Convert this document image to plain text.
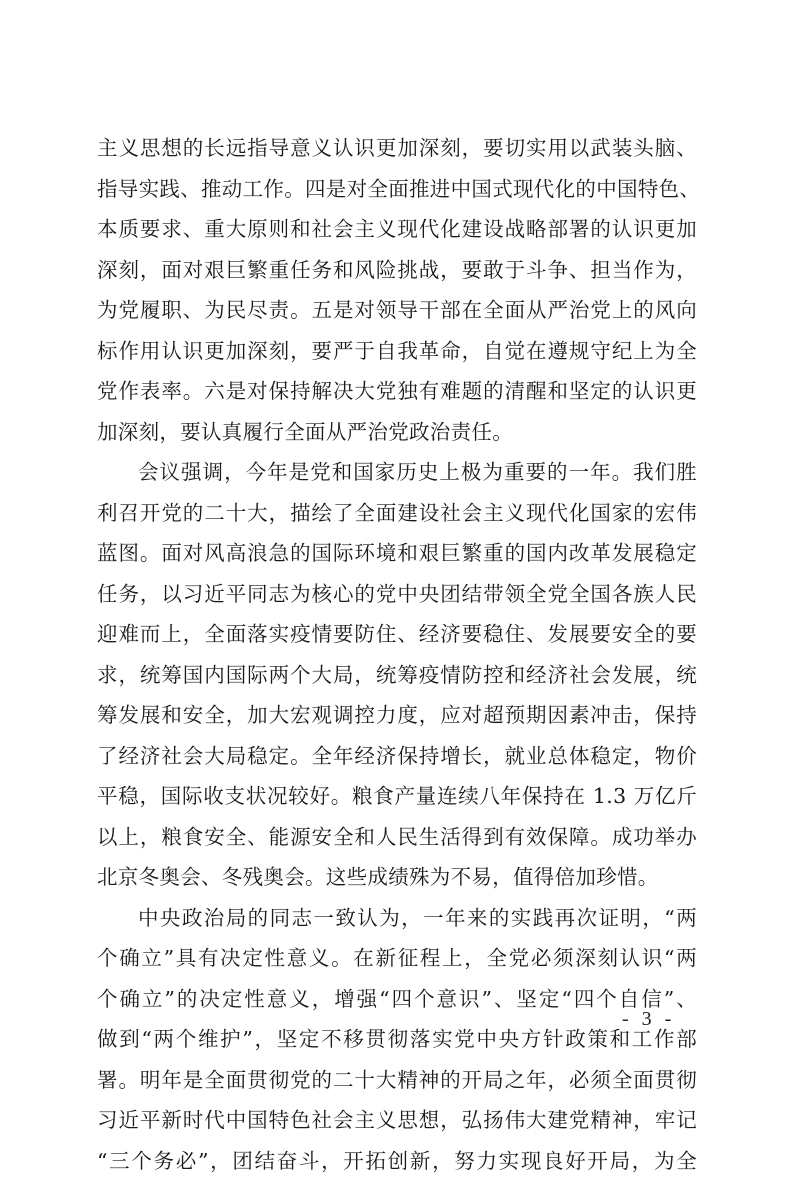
主义思想的长远指导意义认识更加深刻，要切实用以武装头脑、
指导实践、推动工作。四是对全面推进中国式现代化的中国特色、
本质要求、重大原则和社会主义现代化建设战略部署的认识更加
深刻，面对艰巨繁重任务和风险挑战，要敢于斗争、担当作为，
为党履职、为民尽责。五是对领导干部在全面从严治党上的风向
标作用认识更加深刻，要严于自我革命，自觉在遵规守纪上为全
党作表率。六是对保持解决大党独有难题的清醒和坚定的认识更
加深刻，要认真履行全面从严治党政治责任。
会议强调，今年是党和国家历史上极为重要的一年。我们胜
利召开党的二十大，描绘了全面建设社会主义现代化国家的宏伟
蓝图。面对风高浪急的国际环境和艰巨繁重的国内改革发展稳定
任务，以习近平同志为核心的党中央团结带领全党全国各族人民
迎难而上，全面落实疫情要防住、经济要稳住、发展要安全的要
求，统筹国内国际两个大局，统筹疫情防控和经济社会发展，统
筹发展和安全，加大宏观调控力度，应对超预期因素冲击，保持
了经济社会大局稳定。全年经济保持增长，就业总体稳定，物价
平稳，国际收支状况较好。粮食产量连续八年保持在 1.3 万亿斤
以上，粮食安全、能源安全和人民生活得到有效保障。成功举办
北京冬奥会、冬残奥会。这些成绩殊为不易，值得倍加珍惜。
中央政治局的同志一致认为，一年来的实践再次证明，“两
个确立”具有决定性意义。在新征程上，全党必须深刻认识“两
个确立”的决定性意义，增强“四个意识”、坚定“四个自信”、
做到“两个维护”，坚定不移贯彻落实党中央方针政策和工作部
署。明年是全面贯彻党的二十大精神的开局之年，必须全面贯彻
习近平新时代中国特色社会主义思想，弘扬伟大建党精神，牢记
“三个务必”，团结奋斗，开拓创新，努力实现良好开局，为全
- 3 -
